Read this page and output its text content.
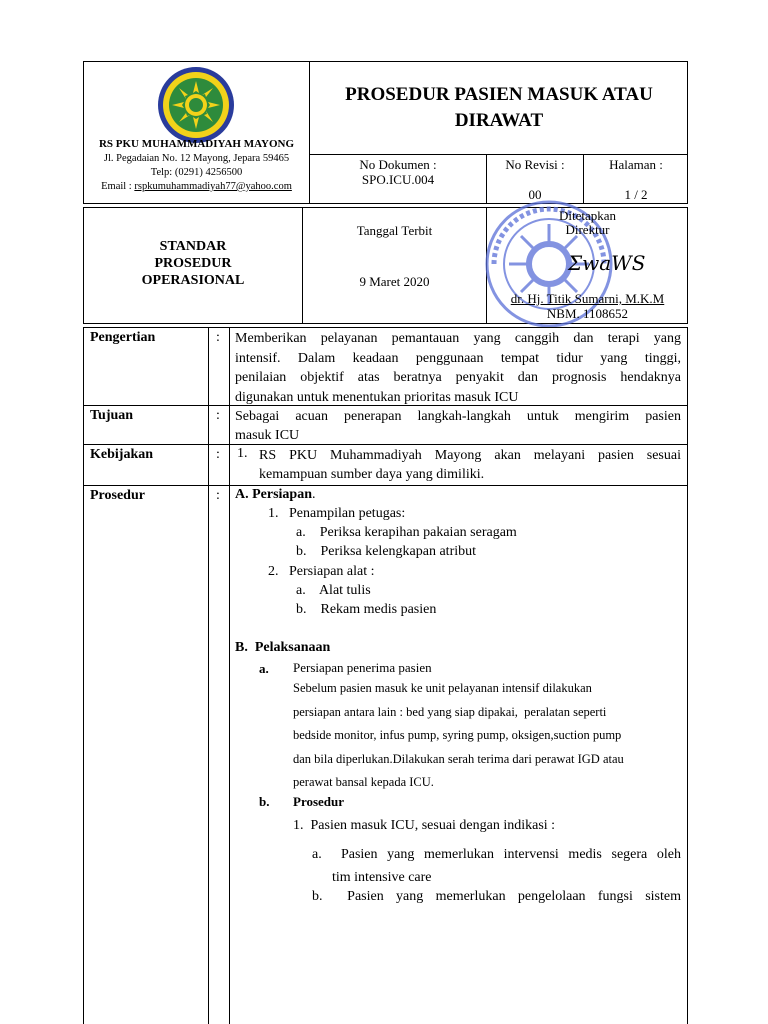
RS PKU MUHAMMADIYAH MAYONG
Jl. Pegadaian No. 12 Mayong, Jepara 59465
Telp: (0291) 4256500
Email : rspkumuhammadiyah77@yahoo.com
PROSEDUR PASIEN MASUK ATAU
DIRAWAT
No Dokumen :
SPO.ICU.004
No Revisi :
00
Halaman :
1 / 2
STANDAR
PROSEDUR
OPERASIONAL
Tanggal Terbit
9 Maret 2020
Ditetapkan
Direktur
ΣwaWS
dr. Hj. Titik Sumarni, M.K.M
NBM. 1108652
Pengertian	: Memberikan pelayanan pemantauan yang canggih dan terapi yang

intensif. Dalam keadaan penggunaan tempat tidur yang tinggi,

penilaian objektif atas beratnya penyakit dan prognosis hendaknya

digunakan untuk menentukan prioritas masuk ICU

Tujuan	: Sebagai acuan penerapan langkah-langkah untuk mengirim pasien

masuk ICU

Kebijakan	: 1. RS PKU Muhammadiyah Mayong akan melayani pasien sesuai

kemampuan sumber daya yang dimiliki.

Prosedur	: A. Persiapan.
1.   Penampilan petugas:
a.    Periksa kerapihan pakaian seragam
b.    Periksa kelengkapan atribut
2.   Persiapan alat :
a.    Alat tulis
b.    Rekam medis pasien
B.  Pelaksanaan
a. Persiapan penerima pasien

Sebelum pasien masuk ke unit pelayanan intensif dilakukan

persiapan antara lain : bed yang siap dipakai,  peralatan seperti

bedside monitor, infus pump, syring pump, oksigen,suction pump

dan bila diperlukan.Dilakukan serah terima dari perawat IGD atau

perawat bansal kepada ICU.

b. Prosedur
1.  Pasien masuk ICU, sesuai dengan indikasi :

a.  Pasien yang memerlukan intervensi medis segera oleh

tim intensive care

b.  Pasien yang memerlukan pengelolaan fungsi sistem
